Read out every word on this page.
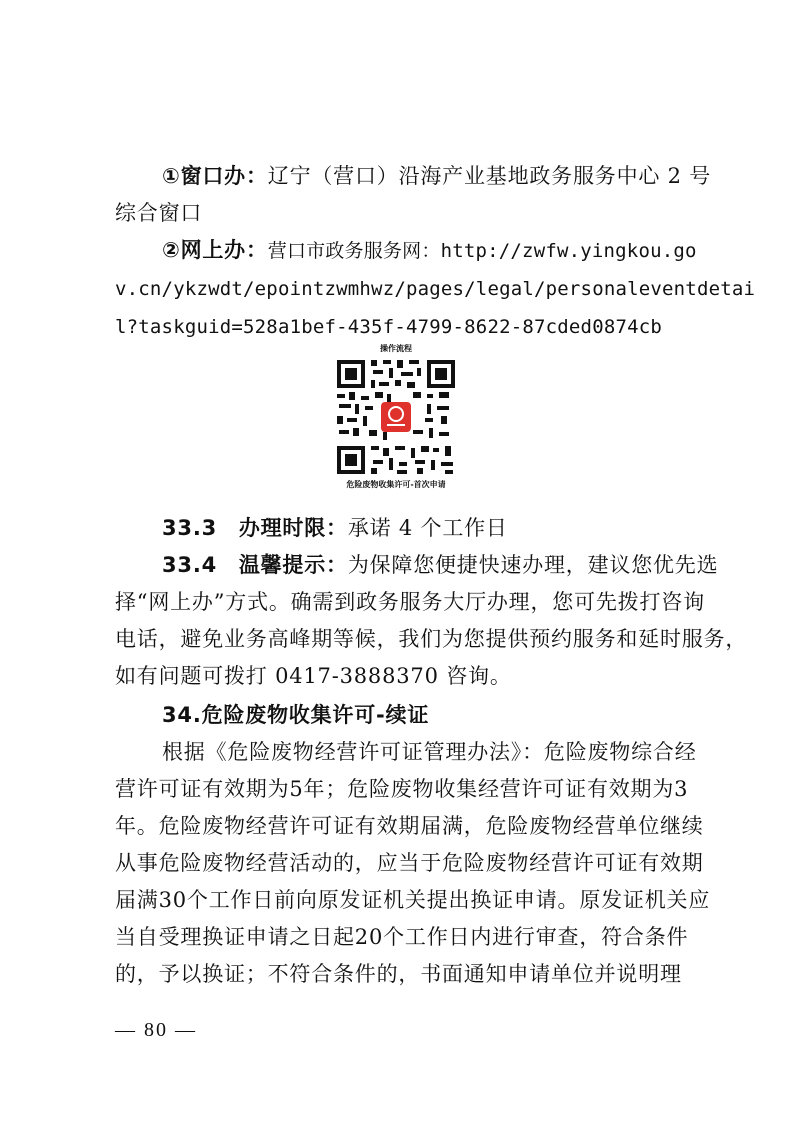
①窗口办：辽宁（营口）沿海产业基地政务服务中心 2 号
综合窗口
②网上办：营口市政务服务网：http://zwfw.yingkou.go
v.cn/ykzwdt/epointzwmhwz/pages/legal/personaleventdetai
l?taskguid=528a1bef-435f-4799-8622-87cded0874cb
操作流程
危险废物收集许可-首次申请
33.3　办理时限：承诺 4 个工作日
33.4　温馨提示：为保障您便捷快速办理，建议您优先选
择“网上办”方式。确需到政务服务大厅办理，您可先拨打咨询
电话，避免业务高峰期等候，我们为您提供预约服务和延时服务，
如有问题可拨打 0417-3888370 咨询。
34.危险废物收集许可-续证
根据《危险废物经营许可证管理办法》：危险废物综合经
营许可证有效期为5年；危险废物收集经营许可证有效期为3
年。危险废物经营许可证有效期届满，危险废物经营单位继续
从事危险废物经营活动的，应当于危险废物经营许可证有效期
届满30个工作日前向原发证机关提出换证申请。原发证机关应
当自受理换证申请之日起20个工作日内进行审查，符合条件
的，予以换证；不符合条件的，书面通知申请单位并说明理
— 80 —
